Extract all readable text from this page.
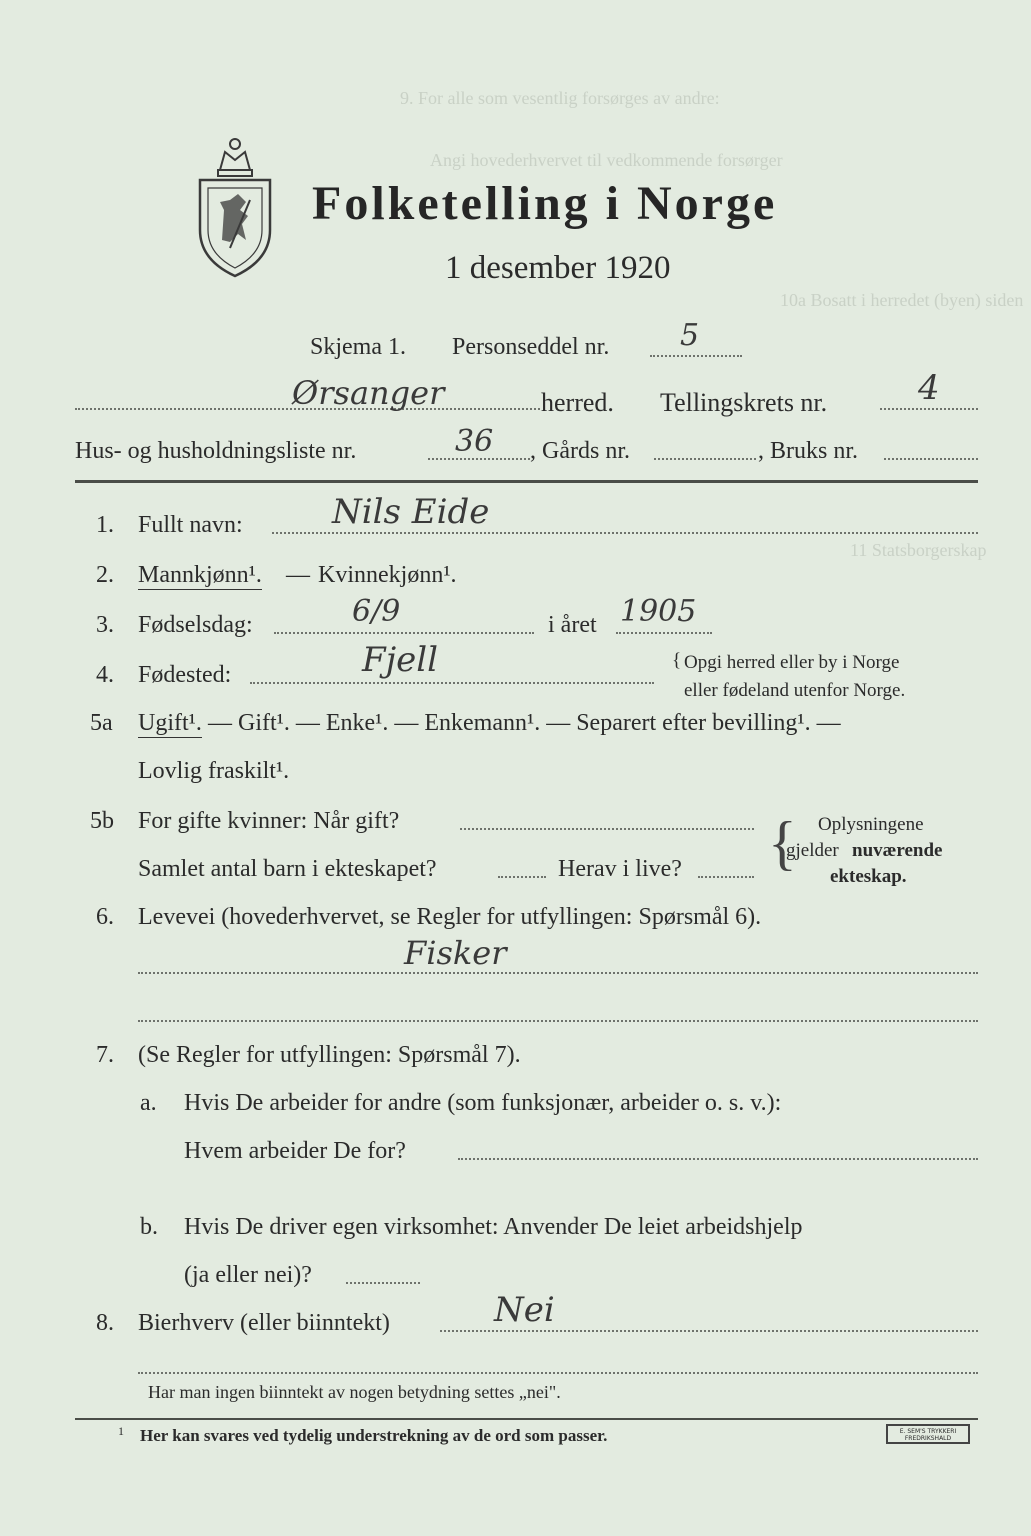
9. For alle som vesentlig forsørges av andre:
Angi hovederhvervet til vedkommende forsørger
10a Bosatt i herredet (byen) siden
11 Statsborgerskap
Folketelling i Norge
1 desember 1920
Skjema 1. Personseddel nr. 5
Ørsanger	herred. Tellingskrets nr.	4
Hus- og husholdningsliste nr.	36 , Gårds nr.	, Bruks nr.
1. Fullt navn:	Nils Eide
2. Mannkjønn¹. — Kvinnekjønn¹.
3. Fødselsdag:	6/9	i året 1905
4. Fødested:	Fjell	{ Opgi herred eller by i Norge
eller fødeland utenfor Norge.
5a Ugift¹. — Gift¹. — Enke¹. — Enkemann¹. — Separert efter bevilling¹. —
Lovlig fraskilt¹.
5b For gifte kvinner: Når gift?
Samlet antal barn i ekteskapet?	Herav i live? { Oplysningene
gjelder nuværende
ekteskap.
6. Levevei (hovederhvervet, se Regler for utfyllingen: Spørsmål 6).
Fisker
7. (Se Regler for utfyllingen: Spørsmål 7).
a. Hvis De arbeider for andre (som funksjonær, arbeider o. s. v.):
Hvem arbeider De for?
b. Hvis De driver egen virksomhet: Anvender De leiet arbeidshjelp
(ja eller nei)?
8. Bierhverv (eller biinntekt)	Nei
Har man ingen biinntekt av nogen betydning settes „nei".
1 Her kan svares ved tydelig understrekning av de ord som passer.	E. SEM'S TRYKKERI FREDRIKSHALD
